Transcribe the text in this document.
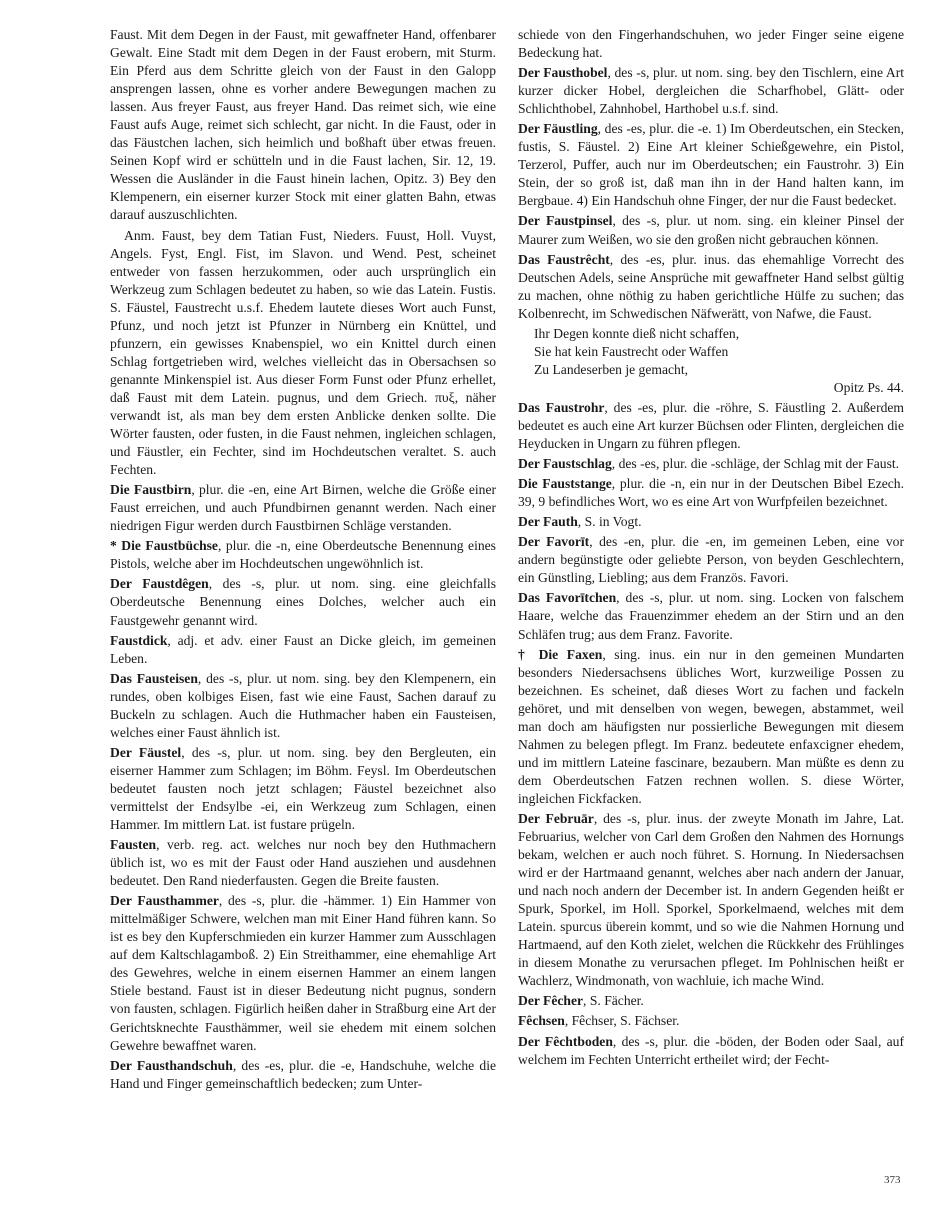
Faust. Mit dem Degen in der Faust, mit gewaffneter Hand, offenbarer Gewalt. Eine Stadt mit dem Degen in der Faust erobern, mit Sturm. Ein Pferd aus dem Schritte gleich von der Faust in den Galopp ansprengen lassen, ohne es vorher andere Bewegungen machen zu lassen. Aus freyer Faust, aus freyer Hand. Das reimet sich, wie eine Faust aufs Auge, reimet sich schlecht, gar nicht. In die Faust, oder in das Fäustchen lachen, sich heimlich und boßhaft über etwas freuen. Seinen Kopf wird er schütteln und in die Faust lachen, Sir. 12, 19. Wessen die Ausländer in die Faust hinein lachen, Opitz. 3) Bey den Klempenern, ein eiserner kurzer Stock mit einer glatten Bahn, etwas darauf auszuschlichten.

Anm. Faust, bey dem Tatian Fust, Nieders. Fuust, Holl. Vuyst, Angels. Fyst, Engl. Fist, im Slavon. und Wend. Pest, scheinet entweder von fassen herzukommen, oder auch ursprünglich ein Werkzeug zum Schlagen bedeutet zu haben, so wie das Latein. Fustis. S. Fäustel, Faustrecht u.s.f. Ehedem lautete dieses Wort auch Funst, Pfunz, und noch jetzt ist Pfunzer in Nürnberg ein Knüttel, und pfunzern, ein gewisses Knabenspiel, wo ein Knittel durch einen Schlag fortgetrieben wird, welches vielleicht das in Obersachsen so genannte Minkenspiel ist. Aus dieser Form Funst oder Pfunz erhellet, daß Faust mit dem Latein. pugnus, und dem Griech. πυξ, näher verwandt ist, als man bey dem ersten Anblicke denken sollte. Die Wörter fausten, oder fusten, in die Faust nehmen, ingleichen schlagen, und Fäustler, ein Fechter, sind im Hochdeutschen veraltet. S. auch Fechten.

Die Faustbirn, plur. die -en, eine Art Birnen, welche die Größe einer Faust erreichen, und auch Pfundbirnen genannt werden. Nach einer niedrigen Figur werden durch Faustbirnen Schläge verstanden.

* Die Faustbüchse, plur. die -n, eine Oberdeutsche Benennung eines Pistols, welche aber im Hochdeutschen ungewöhnlich ist.

Der Faustdêgen, des -s, plur. ut nom. sing. eine gleichfalls Oberdeutsche Benennung eines Dolches, welcher auch ein Faustgewehr genannt wird.

Faustdick, adj. et adv. einer Faust an Dicke gleich, im gemeinen Leben.

Das Fausteisen, des -s, plur. ut nom. sing. bey den Klempenern, ein rundes, oben kolbiges Eisen, fast wie eine Faust, Sachen darauf zu Buckeln zu schlagen. Auch die Huthmacher haben ein Fausteisen, welches einer Faust ähnlich ist.

Der Fäustel, des -s, plur. ut nom. sing. bey den Bergleuten, ein eiserner Hammer zum Schlagen; im Böhm. Feysl. Im Oberdeutschen bedeutet fausten noch jetzt schlagen; Fäustel bezeichnet also vermittelst der Endsylbe -ei, ein Werkzeug zum Schlagen, einen Hammer. Im mittlern Lat. ist fustare prügeln.

Fausten, verb. reg. act. welches nur noch bey den Huthmachern üblich ist, wo es mit der Faust oder Hand ausziehen und ausdehnen bedeutet. Den Rand niederfausten. Gegen die Breite fausten.

Der Fausthammer, des -s, plur. die -hämmer. 1) Ein Hammer von mittelmäßiger Schwere, welchen man mit Einer Hand führen kann. So ist es bey den Kupferschmieden ein kurzer Hammer zum Ausschlagen auf dem Kaltschlagamboß. 2) Ein Streithammer, eine ehemahlige Art des Gewehres, welche in einem eisernen Hammer an einem langen Stiele bestand. Faust ist in dieser Bedeutung nicht pugnus, sondern von fausten, schlagen. Figürlich heißen daher in Straßburg eine Art der Gerichtsknechte Fausthämmer, weil sie ehedem mit einem solchen Gewehre bewaffnet waren.

Der Fausthandschuh, des -es, plur. die -e, Handschuhe, welche die Hand und Finger gemeinschaftlich bedecken; zum Unter-

schiede von den Fingerhandschuhen, wo jeder Finger seine eigene Bedeckung hat.

Der Fausthobel, des -s, plur. ut nom. sing. bey den Tischlern, eine Art kurzer dicker Hobel, dergleichen die Scharfhobel, Glätt- oder Schlichthobel, Zahnhobel, Harthobel u.s.f. sind.

Der Fäustling, des -es, plur. die -e. 1) Im Oberdeutschen, ein Stecken, fustis, S. Fäustel. 2) Eine Art kleiner Schießgewehre, ein Pistol, Terzerol, Puffer, auch nur im Oberdeutschen; ein Faustrohr. 3) Ein Stein, der so groß ist, daß man ihn in der Hand halten kann, im Bergbaue. 4) Ein Handschuh ohne Finger, der nur die Faust bedecket.

Der Faustpinsel, des -s, plur. ut nom. sing. ein kleiner Pinsel der Maurer zum Weißen, wo sie den großen nicht gebrauchen können.

Das Faustrêcht, des -es, plur. inus. das ehemahlige Vorrecht des Deutschen Adels, seine Ansprüche mit gewaffneter Hand selbst gültig zu machen, ohne nöthig zu haben gerichtliche Hülfe zu suchen; das Kolbenrecht, im Schwedischen Näfwerätt, von Nafwe, die Faust.

Ihr Degen konnte dieß nicht schaffen,
Sie hat kein Faustrecht oder Waffen
Zu Landeserben je gemacht,
Opitz Ps. 44.

Das Faustrohr, des -es, plur. die -röhre, S. Fäustling 2. Außerdem bedeutet es auch eine Art kurzer Büchsen oder Flinten, dergleichen die Heyducken in Ungarn zu führen pflegen.

Der Faustschlag, des -es, plur. die -schläge, der Schlag mit der Faust.

Die Fauststange, plur. die -n, ein nur in der Deutschen Bibel Ezech. 39, 9 befindliches Wort, wo es eine Art von Wurfpfeilen bezeichnet.

Der Fauth, S. in Vogt.

Der Favorīt, des -en, plur. die -en, im gemeinen Leben, eine vor andern begünstigte oder geliebte Person, von beyden Geschlechtern, ein Günstling, Liebling; aus dem Französ. Favori.

Das Favorītchen, des -s, plur. ut nom. sing. Locken von falschem Haare, welche das Frauenzimmer ehedem an der Stirn und an den Schläfen trug; aus dem Franz. Favorite.

† Die Faxen, sing. inus. ein nur in den gemeinen Mundarten besonders Niedersachsens übliches Wort, kurzweilige Possen zu bezeichnen. Es scheinet, daß dieses Wort zu fachen und fackeln gehöret, und mit denselben von wegen, bewegen, abstammet, weil man doch am häufigsten nur possierliche Bewegungen mit diesem Nahmen zu belegen pflegt. Im Franz. bedeutete enfaxcigner ehedem, und im mittlern Lateine fascinare, bezaubern. Man müßte es denn zu dem Oberdeutschen Fatzen rechnen wollen. S. diese Wörter, ingleichen Fickfacken.

Der Februār, des -s, plur. inus. der zweyte Monath im Jahre, Lat. Februarius, welcher von Carl dem Großen den Nahmen des Hornungs bekam, welchen er auch noch führet. S. Hornung. In Niedersachsen wird er der Hartmaand genannt, welches aber nach andern der Januar, und nach noch andern der December ist. In andern Gegenden heißt er Spurk, Sporkel, im Holl. Sporkel, Sporkelmaend, welches mit dem Latein. spurcus überein kommt, und so wie die Nahmen Hornung und Hartmaend, auf den Koth zielet, welchen die Rückkehr des Frühlinges in diesem Monathe zu verursachen pfleget. Im Pohlnischen heißt er Wachlerz, Windmonath, von wachluie, ich mache Wind.

Der Fêcher, S. Fächer.

Fêchsen, Fêchser, S. Fächser.

Der Fêchtboden, des -s, plur. die -böden, der Boden oder Saal, auf welchem im Fechten Unterricht ertheilet wird; der Fecht-

373
